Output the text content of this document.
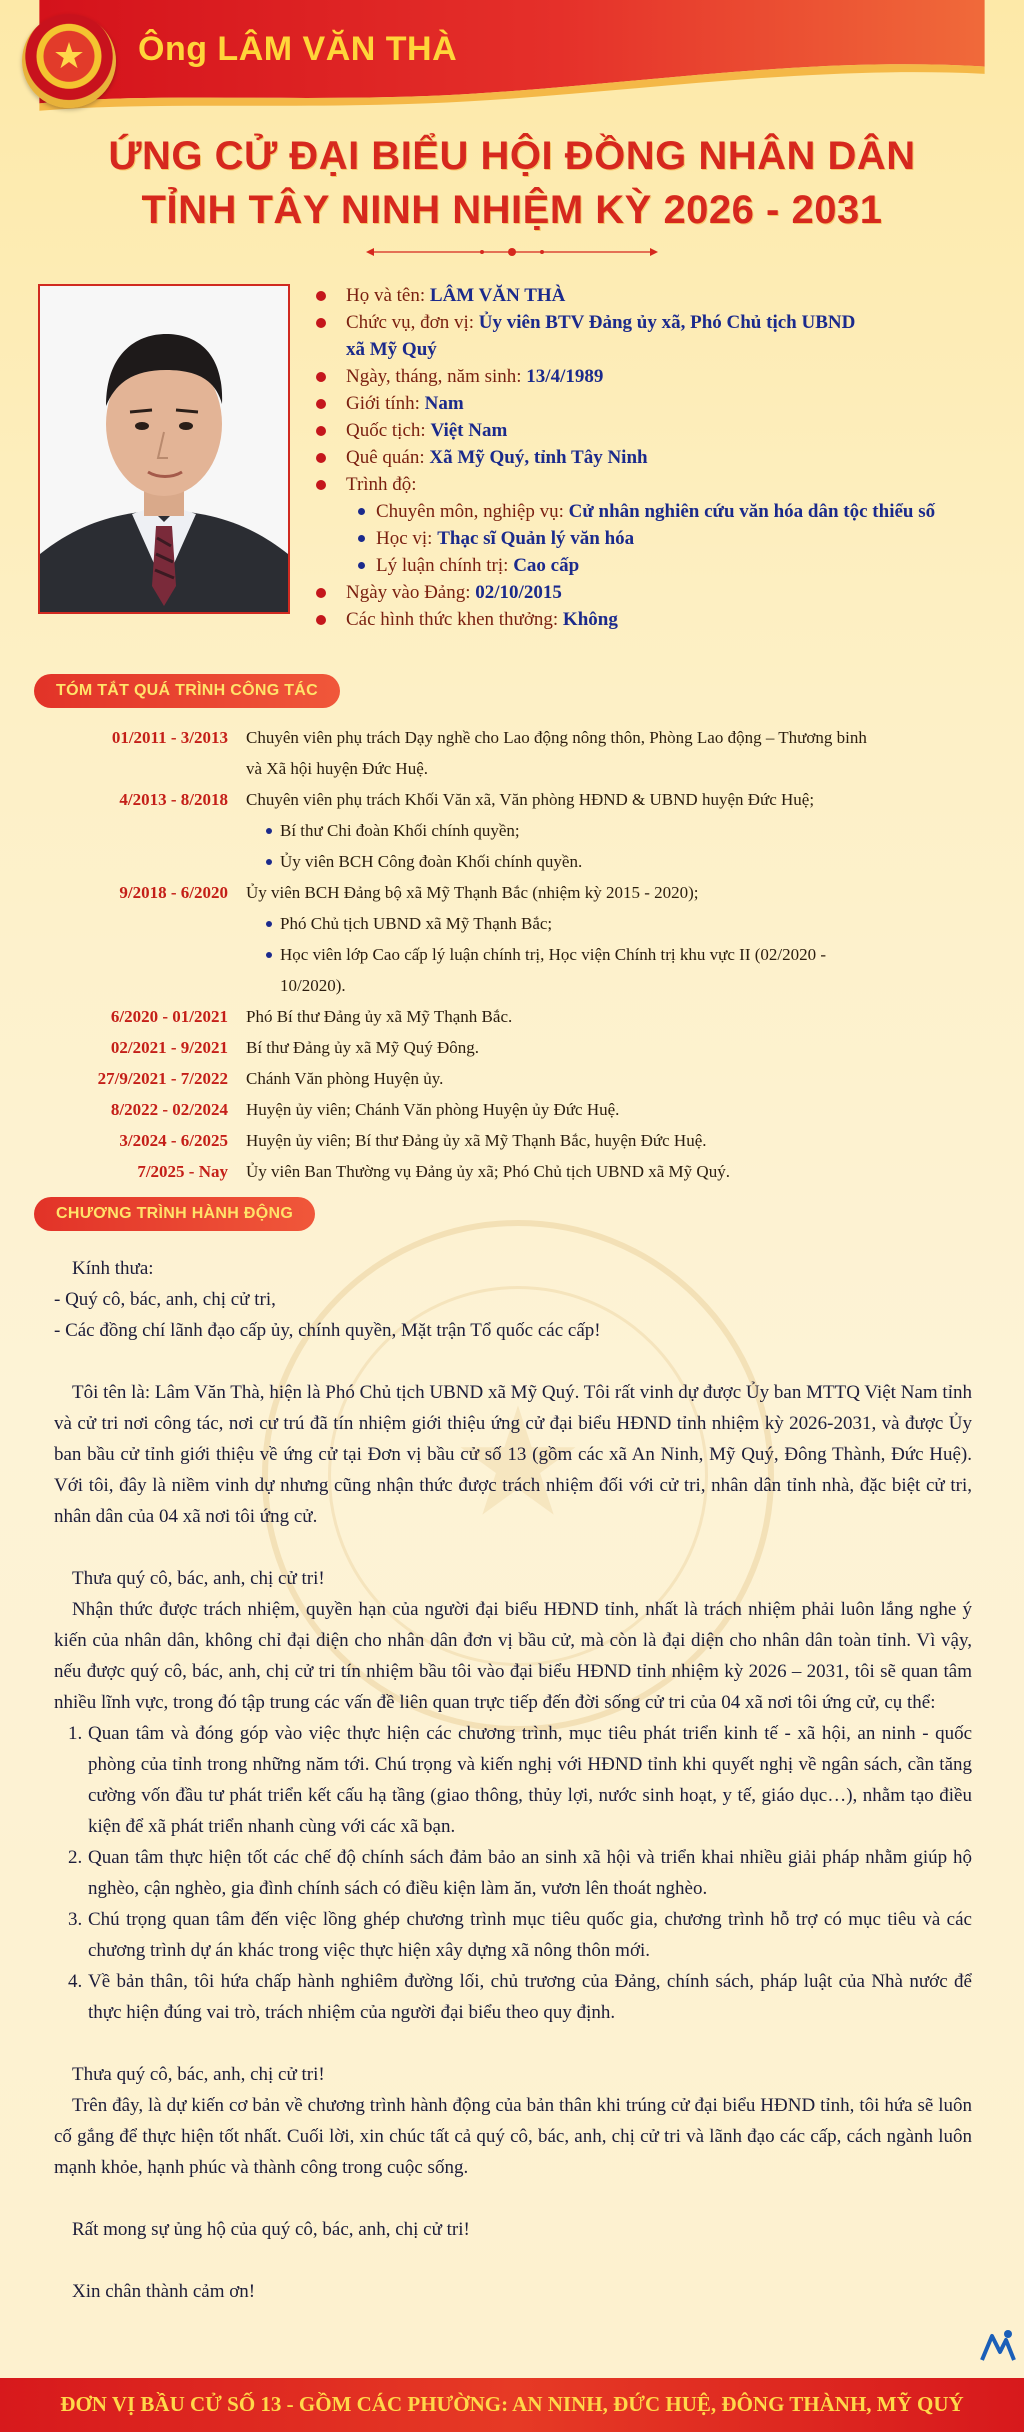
★
★	Ông LÂM VĂN THÀ
ỨNG CỬ ĐẠI BIỂU HỘI ĐỒNG NHÂN DÂN
TỈNH TÂY NINH NHIỆM KỲ 2026 - 2031
Họ và tên: LÂM VĂN THÀ
Chức vụ, đơn vị: Ủy viên BTV Đảng ủy xã, Phó Chủ tịch UBND
xã Mỹ Quý
Ngày, tháng, năm sinh: 13/4/1989
Giới tính: Nam
Quốc tịch: Việt Nam
Quê quán: Xã Mỹ Quý, tỉnh Tây Ninh
Trình độ:
Chuyên môn, nghiệp vụ: Cử nhân nghiên cứu văn hóa dân tộc thiểu số
Học vị: Thạc sĩ Quản lý văn hóa
Lý luận chính trị: Cao cấp
Ngày vào Đảng: 02/10/2015
Các hình thức khen thưởng: Không
TÓM TẮT QUÁ TRÌNH CÔNG TÁC
01/2011 - 3/2013 Chuyên viên phụ trách Dạy nghề cho Lao động nông thôn, Phòng Lao động – Thương binh
và Xã hội huyện Đức Huệ.
4/2013 - 8/2018 Chuyên viên phụ trách Khối Văn xã, Văn phòng HĐND & UBND huyện Đức Huệ;
Bí thư Chi đoàn Khối chính quyền;
Ủy viên BCH Công đoàn Khối chính quyền.
9/2018 - 6/2020 Ủy viên BCH Đảng bộ xã Mỹ Thạnh Bắc (nhiệm kỳ 2015 - 2020);
Phó Chủ tịch UBND xã Mỹ Thạnh Bắc;
Học viên lớp Cao cấp lý luận chính trị, Học viện Chính trị khu vực II (02/2020 -
10/2020).
6/2020 - 01/2021 Phó Bí thư Đảng ủy xã Mỹ Thạnh Bắc.
02/2021 - 9/2021 Bí thư Đảng ủy xã Mỹ Quý Đông.
27/9/2021 - 7/2022 Chánh Văn phòng Huyện ủy.
8/2022 - 02/2024 Huyện ủy viên; Chánh Văn phòng Huyện ủy Đức Huệ.
3/2024 - 6/2025 Huyện ủy viên; Bí thư Đảng ủy xã Mỹ Thạnh Bắc, huyện Đức Huệ.
7/2025 - Nay Ủy viên Ban Thường vụ Đảng ủy xã; Phó Chủ tịch UBND xã Mỹ Quý.
CHƯƠNG TRÌNH HÀNH ĐỘNG

Kính thưa:

- Quý cô, bác, anh, chị cử tri,

- Các đồng chí lãnh đạo cấp ủy, chính quyền, Mặt trận Tổ quốc các cấp!

Tôi tên là: Lâm Văn Thà, hiện là Phó Chủ tịch UBND xã Mỹ Quý. Tôi rất vinh dự được Ủy ban MTTQ Việt Nam tỉnh và cử tri nơi công tác, nơi cư trú đã tín nhiệm giới thiệu ứng cử đại biểu HĐND tỉnh nhiệm kỳ 2026-2031, và được Ủy ban bầu cử tỉnh giới thiệu về ứng cử tại Đơn vị bầu cử số 13 (gồm các xã An Ninh, Mỹ Quý, Đông Thành, Đức Huệ). Với tôi, đây là niềm vinh dự nhưng cũng nhận thức được trách nhiệm đối với cử tri, nhân dân tỉnh nhà, đặc biệt cử tri, nhân dân của 04 xã nơi tôi ứng cử.

Thưa quý cô, bác, anh, chị cử tri!

Nhận thức được trách nhiệm, quyền hạn của người đại biểu HĐND tỉnh, nhất là trách nhiệm phải luôn lắng nghe ý kiến của nhân dân, không chỉ đại diện cho nhân dân đơn vị bầu cử, mà còn là đại diện cho nhân dân toàn tỉnh. Vì vậy, nếu được quý cô, bác, anh, chị cử tri tín nhiệm bầu tôi vào đại biểu HĐND tỉnh nhiệm kỳ 2026 – 2031, tôi sẽ quan tâm nhiều lĩnh vực, trong đó tập trung các vấn đề liên quan trực tiếp đến đời sống cử tri của 04 xã nơi tôi ứng cử, cụ thể:

1. Quan tâm và đóng góp vào việc thực hiện các chương trình, mục tiêu phát triển kinh tế - xã hội, an ninh - quốc phòng của tỉnh trong những năm tới. Chú trọng và kiến nghị với HĐND tỉnh khi quyết nghị về ngân sách, cần tăng cường vốn đầu tư phát triển kết cấu hạ tầng (giao thông, thủy lợi, nước sinh hoạt, y tế, giáo dục…), nhằm tạo điều kiện để xã phát triển nhanh cùng với các xã bạn.
2. Quan tâm thực hiện tốt các chế độ chính sách đảm bảo an sinh xã hội và triển khai nhiều giải pháp nhằm giúp hộ nghèo, cận nghèo, gia đình chính sách có điều kiện làm ăn, vươn lên thoát nghèo.
3. Chú trọng quan tâm đến việc lồng ghép chương trình mục tiêu quốc gia, chương trình hỗ trợ có mục tiêu và các chương trình dự án khác trong việc thực hiện xây dựng xã nông thôn mới.
4. Về bản thân, tôi hứa chấp hành nghiêm đường lối, chủ trương của Đảng, chính sách, pháp luật của Nhà nước để thực hiện đúng vai trò, trách nhiệm của người đại biểu theo quy định.

Thưa quý cô, bác, anh, chị cử tri!

Trên đây, là dự kiến cơ bản về chương trình hành động của bản thân khi trúng cử đại biểu HĐND tỉnh, tôi hứa sẽ luôn cố gắng để thực hiện tốt nhất. Cuối lời, xin chúc tất cả quý cô, bác, anh, chị cử tri và lãnh đạo các cấp, cách ngành luôn mạnh khỏe, hạnh phúc và thành công trong cuộc sống.

Rất mong sự ủng hộ của quý cô, bác, anh, chị cử tri!

Xin chân thành cảm ơn!

ĐƠN VỊ BẦU CỬ SỐ 13 - GỒM CÁC PHƯỜNG: AN NINH, ĐỨC HUỆ, ĐÔNG THÀNH, MỸ QUÝ
